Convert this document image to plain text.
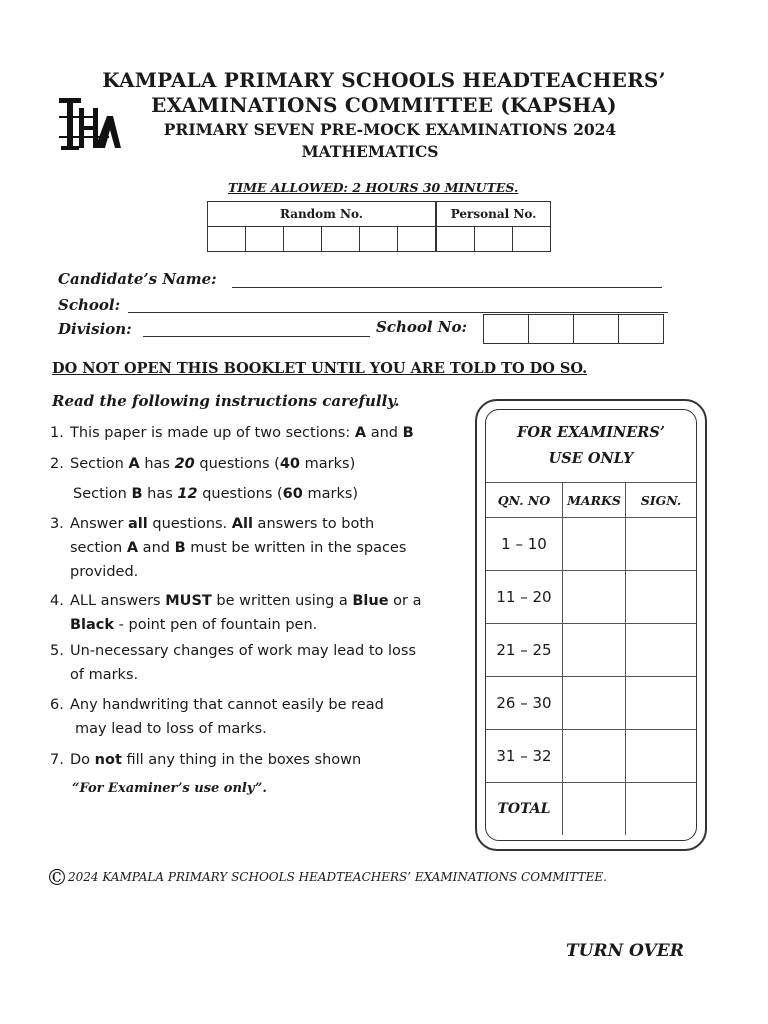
KAMPALA PRIMARY SCHOOLS HEADTEACHERS’
EXAMINATIONS COMMITTEE (KAPSHA)
PRIMARY SEVEN PRE-MOCK EXAMINATIONS 2024
MATHEMATICS
TIME ALLOWED: 2 HOURS 30 MINUTES.
Random No.						Personal No.		

Candidate’s Name:
School:
Division:	School No:

DO NOT OPEN THIS BOOKLET UNTIL YOU ARE TOLD TO DO SO.
Read the following instructions carefully.
1. This paper is made up of two sections: A and B
2. Section A has 20 questions (40 marks)
Section B has 12 questions (60 marks)
3. Answer all questions. All answers to both
section A and B must be written in the spaces
provided.
4. ALL answers MUST be written using a Blue or a
Black - point pen of fountain pen.
5. Un-necessary changes of work may lead to loss
of marks.
6. Any handwriting that cannot easily be read
may lead to loss of marks.
7. Do not fill any thing in the boxes shown
“For Examiner’s use only”.
FOR EXAMINERS’
USE ONLY		

QN. NO	MARKS	SIGN.
1 – 10		
11 – 20		
21 – 25		
26 – 30		
31 – 32		
TOTAL		
©2024 KAMPALA PRIMARY SCHOOLS HEADTEACHERS’ EXAMINATIONS COMMITTEE.
TURN OVER
